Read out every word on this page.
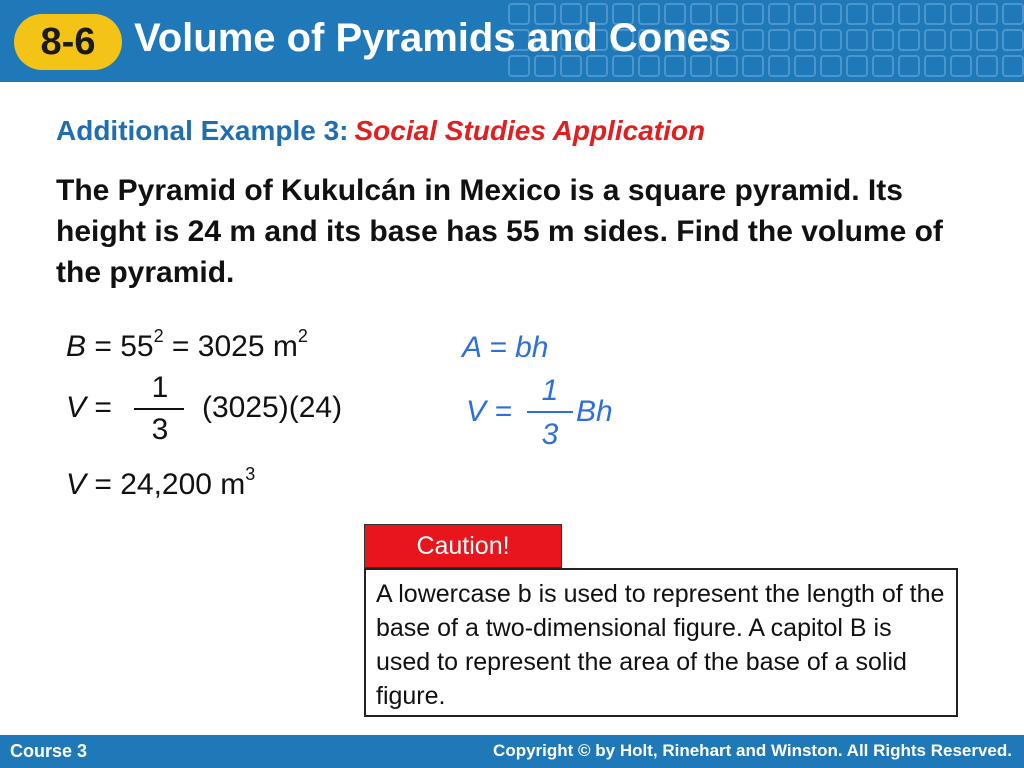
8-6 Volume of Pyramids and Cones
Additional Example 3: Social Studies Application
The Pyramid of Kukulcán in Mexico is a square pyramid. Its height is 24 m and its base has 55 m sides. Find the volume of the pyramid.
$B = 55^2 = 3025$ $m^2$
V =
1
3
(3025)(24)
V = 24,200 $m^3$
A = bh
V =
1
3
Bh
Caution!
A lowercase b is used to represent the length of the base of a two-dimensional figure. A capitol B is used to represent the area of the base of a solid figure.
Course 3	Copyright © by Holt, Rinehart and Winston. All Rights Reserved.
